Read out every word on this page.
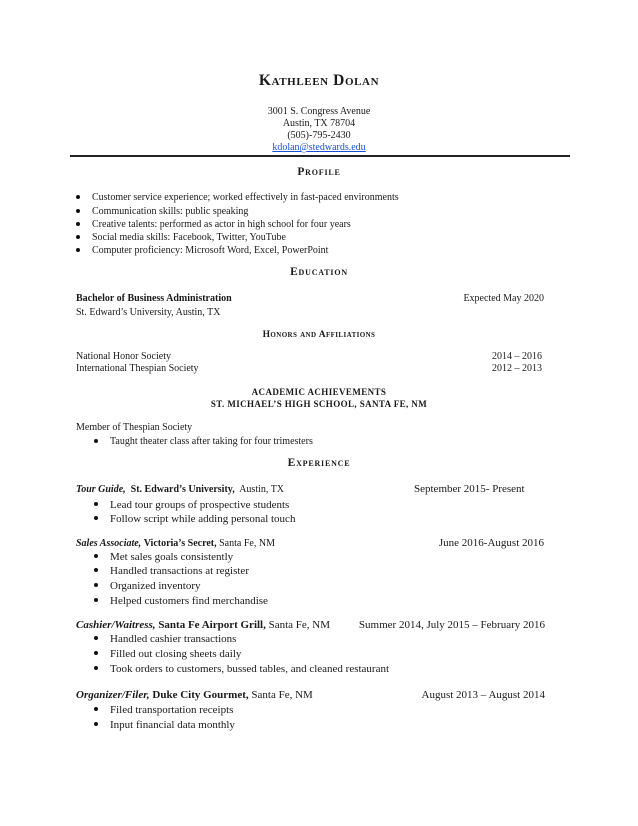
Kathleen Dolan
3001 S. Congress Avenue
Austin, TX 78704
(505)-795-2430
kdolan@stedwards.edu
Profile
Customer service experience; worked effectively in fast-paced environments
Communication skills: public speaking
Creative talents: performed as actor in high school for four years
Social media skills: Facebook, Twitter, YouTube
Computer proficiency: Microsoft Word, Excel, PowerPoint
Education
Bachelor of Business Administration	Expected May 2020
St. Edward’s University, Austin, TX
Honors and Affiliations
National Honor Society	2014 – 2016
International Thespian Society	2012 – 2013
ACADEMIC ACHIEVEMENTS
ST. MICHAEL’S HIGH SCHOOL, SANTA FE, NM
Member of Thespian Society
Taught theater class after taking for four trimesters
Experience
Tour Guide, St. Edward’s University, Austin, TX	September 2015- Present
Lead tour groups of prospective students
Follow script while adding personal touch
Sales Associate, Victoria’s Secret, Santa Fe, NM	June 2016-August 2016
Met sales goals consistently
Handled transactions at register
Organized inventory
Helped customers find merchandise
Cashier/Waitress, Santa Fe Airport Grill, Santa Fe, NM	Summer 2014, July 2015 – February 2016
Handled cashier transactions
Filled out closing sheets daily
Took orders to customers, bussed tables, and cleaned restaurant
Organizer/Filer, Duke City Gourmet, Santa Fe, NM	August 2013 – August 2014
Filed transportation receipts
Input financial data monthly
